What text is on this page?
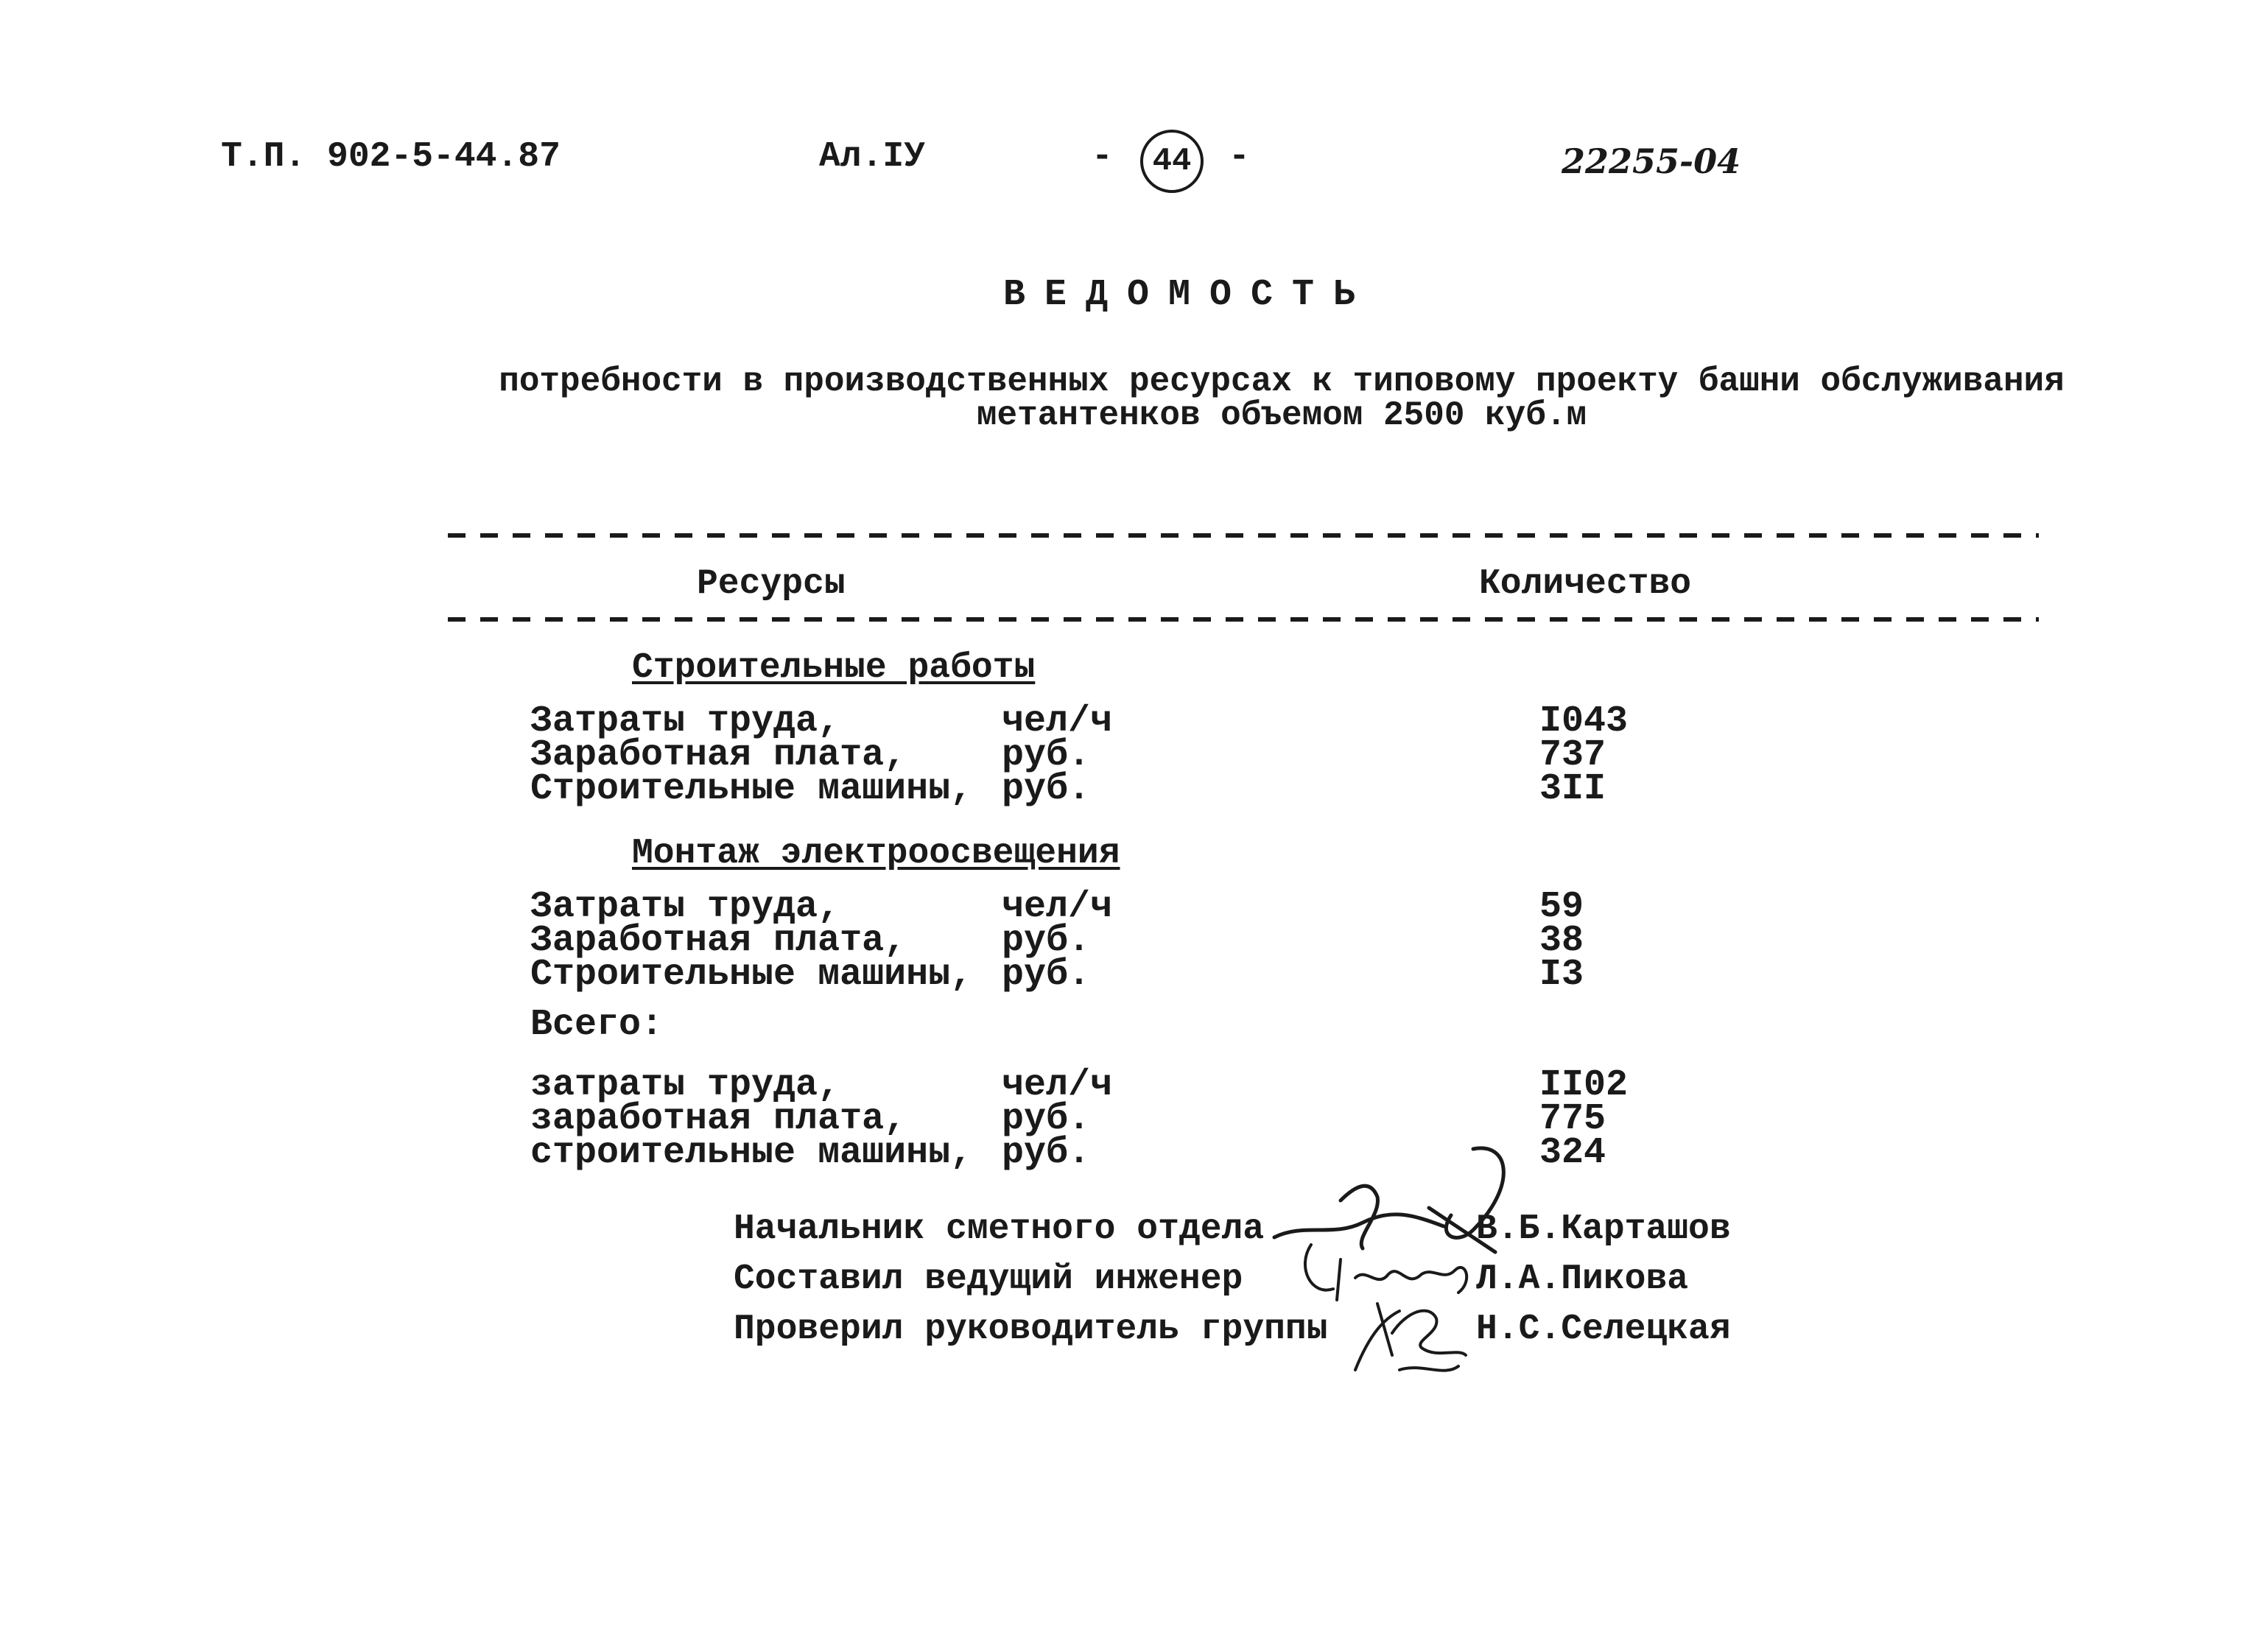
Т.П. 902-5-44.87	Ал.IУ	-	44	-	22255-04
ВЕДОМОСТЬ
потребности в производственных ресурсах к типовому проекту башни обслуживания
метантенков объемом 2500 куб.м
Ресурсы	Количество
Строительные работы
Затраты труда,	чел/ч	I043
Заработная плата,	руб.	737
Строительные машины, руб.	3II
Монтаж электроосвещения
Затраты труда,	чел/ч	59
Заработная плата,	руб.	38
Строительные машины, руб.	I3
Всего:
затраты труда,	чел/ч	II02
заработная плата,	руб.	775
строительные машины, руб.	324
Начальник сметного отдела	В.Б.Карташов
Составил ведущий инженер	Л.А.Пикова
Проверил руководитель группы	Н.С.Селецкая
